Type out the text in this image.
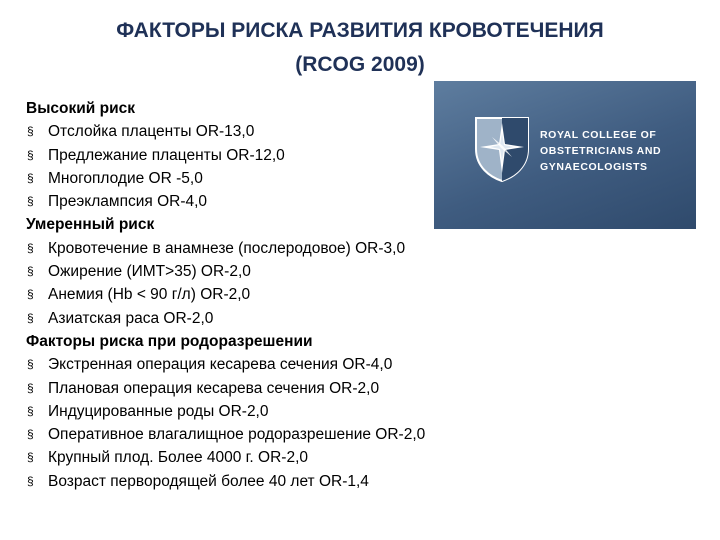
ФАКТОРЫ РИСКА РАЗВИТИЯ КРОВОТЕЧЕНИЯ
(RCOG 2009)
ROYAL COLLEGE OF
OBSTETRICIANS AND
GYNAECOLOGISTS
Высокий риск
§ Отслойка плаценты OR-13,0
§ Предлежание плаценты OR-12,0
§ Многоплодие OR -5,0
§ Преэклампсия OR-4,0
Умеренный риск
§ Кровотечение в анамнезе (послеродовое) OR-3,0
§ Ожирение (ИМТ>35) OR-2,0
§ Анемия (Hb < 90 г/л) OR-2,0
§ Азиатская раса OR-2,0
Факторы риска при родоразрешении
§ Экстренная операция кесарева сечения OR-4,0
§ Плановая операция кесарева сечения OR-2,0
§ Индуцированные роды OR-2,0
§ Оперативное влагалищное родоразрешение OR-2,0
§ Крупный плод. Более 4000 г. OR-2,0
§ Возраст первородящей более 40 лет OR-1,4
